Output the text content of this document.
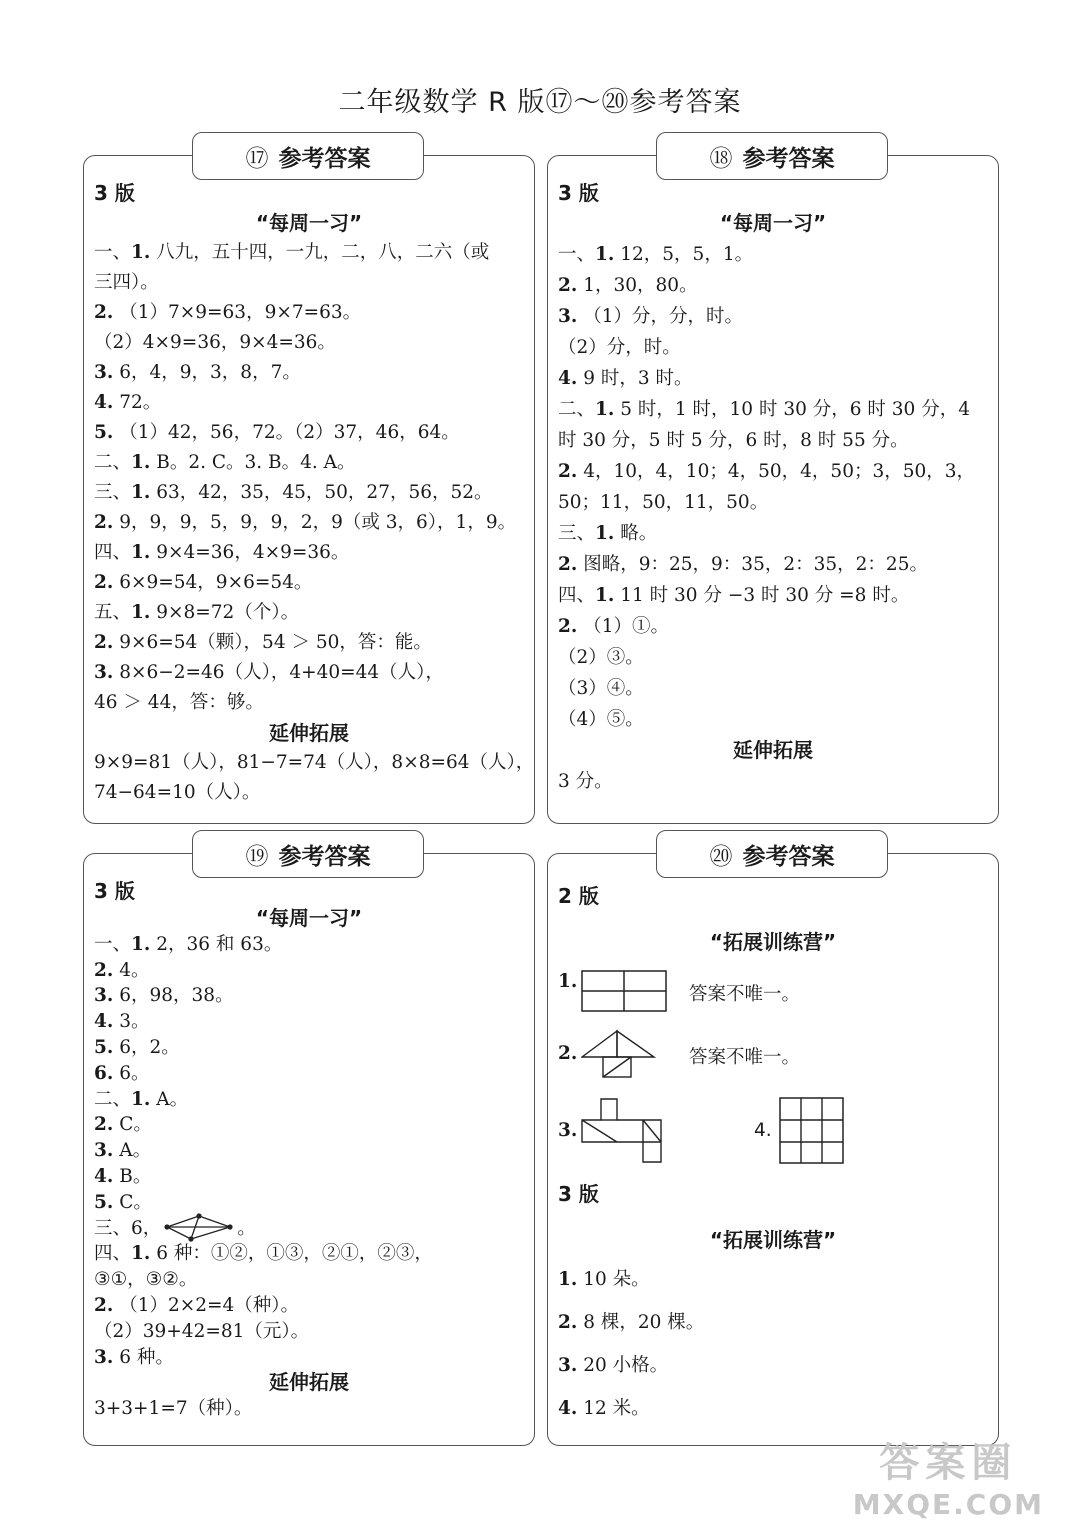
二年级数学 R 版⑰～⑳参考答案
⑰ 参考答案
3 版
“每周一习”
一、1. 八九，五十四，一九，二，八，二六（或
三四）。
2. （1）7×9=63，9×7=63。
（2）4×9=36，9×4=36。
3. 6，4，9，3，8，7。
4. 72。
5. （1）42，56，72。（2）37，46，64。
二、1. B。2. C。3. B。4. A。
三、1. 63，42，35，45，50，27，56，52。
2. 9，9，9，5，9，9，2，9（或 3，6），1，9。
四、1. 9×4=36，4×9=36。
2. 6×9=54，9×6=54。
五、1. 9×8=72（个）。
2. 9×6=54（颗），54 ＞ 50，答：能。
3. 8×6−2=46（人），4+40=44（人），
46 ＞ 44，答：够。
延伸拓展
9×9=81（人），81−7=74（人），8×8=64（人），
74−64=10（人）。
⑱ 参考答案
3 版
“每周一习”
一、1. 12，5，5，1。
2. 1，30，80。
3. （1）分，分，时。
（2）分，时。
4. 9 时，3 时。
二、1. 5 时，1 时，10 时 30 分，6 时 30 分，4
时 30 分，5 时 5 分，6 时，8 时 55 分。
2. 4，10，4，10；4，50，4，50；3，50，3，
50；11，50，11，50。
三、1. 略。
2. 图略，9：25，9：35，2：35，2：25。
四、1. 11 时 30 分 −3 时 30 分 =8 时。
2. （1）①。
（2）③。
（3）④。
（4）⑤。
延伸拓展
3 分。
⑲ 参考答案
3 版
“每周一习”
一、1. 2，36 和 63。
2. 4。
3. 6，98，38。
4. 3。
5. 6，2。
6. 6。
二、1. A。
2. C。
3. A。
4. B。
5. C。
三、 6，	。
四、1. 6 种：①②，①③，②①，②③，
③①，③②。
2. （1）2×2=4（种）。
（2）39+42=81（元）。
3. 6 种。
延伸拓展
3+3+1=7（种）。
⑳ 参考答案
2 版
“拓展训练营”
1.
答案不唯一。
2.	答案不唯一。
3.	4.
3 版
“拓展训练营”
1. 10 朵。
2. 8 棵，20 棵。
3. 20 小格。
4. 12 米。
答案圈
MXQE.COM
